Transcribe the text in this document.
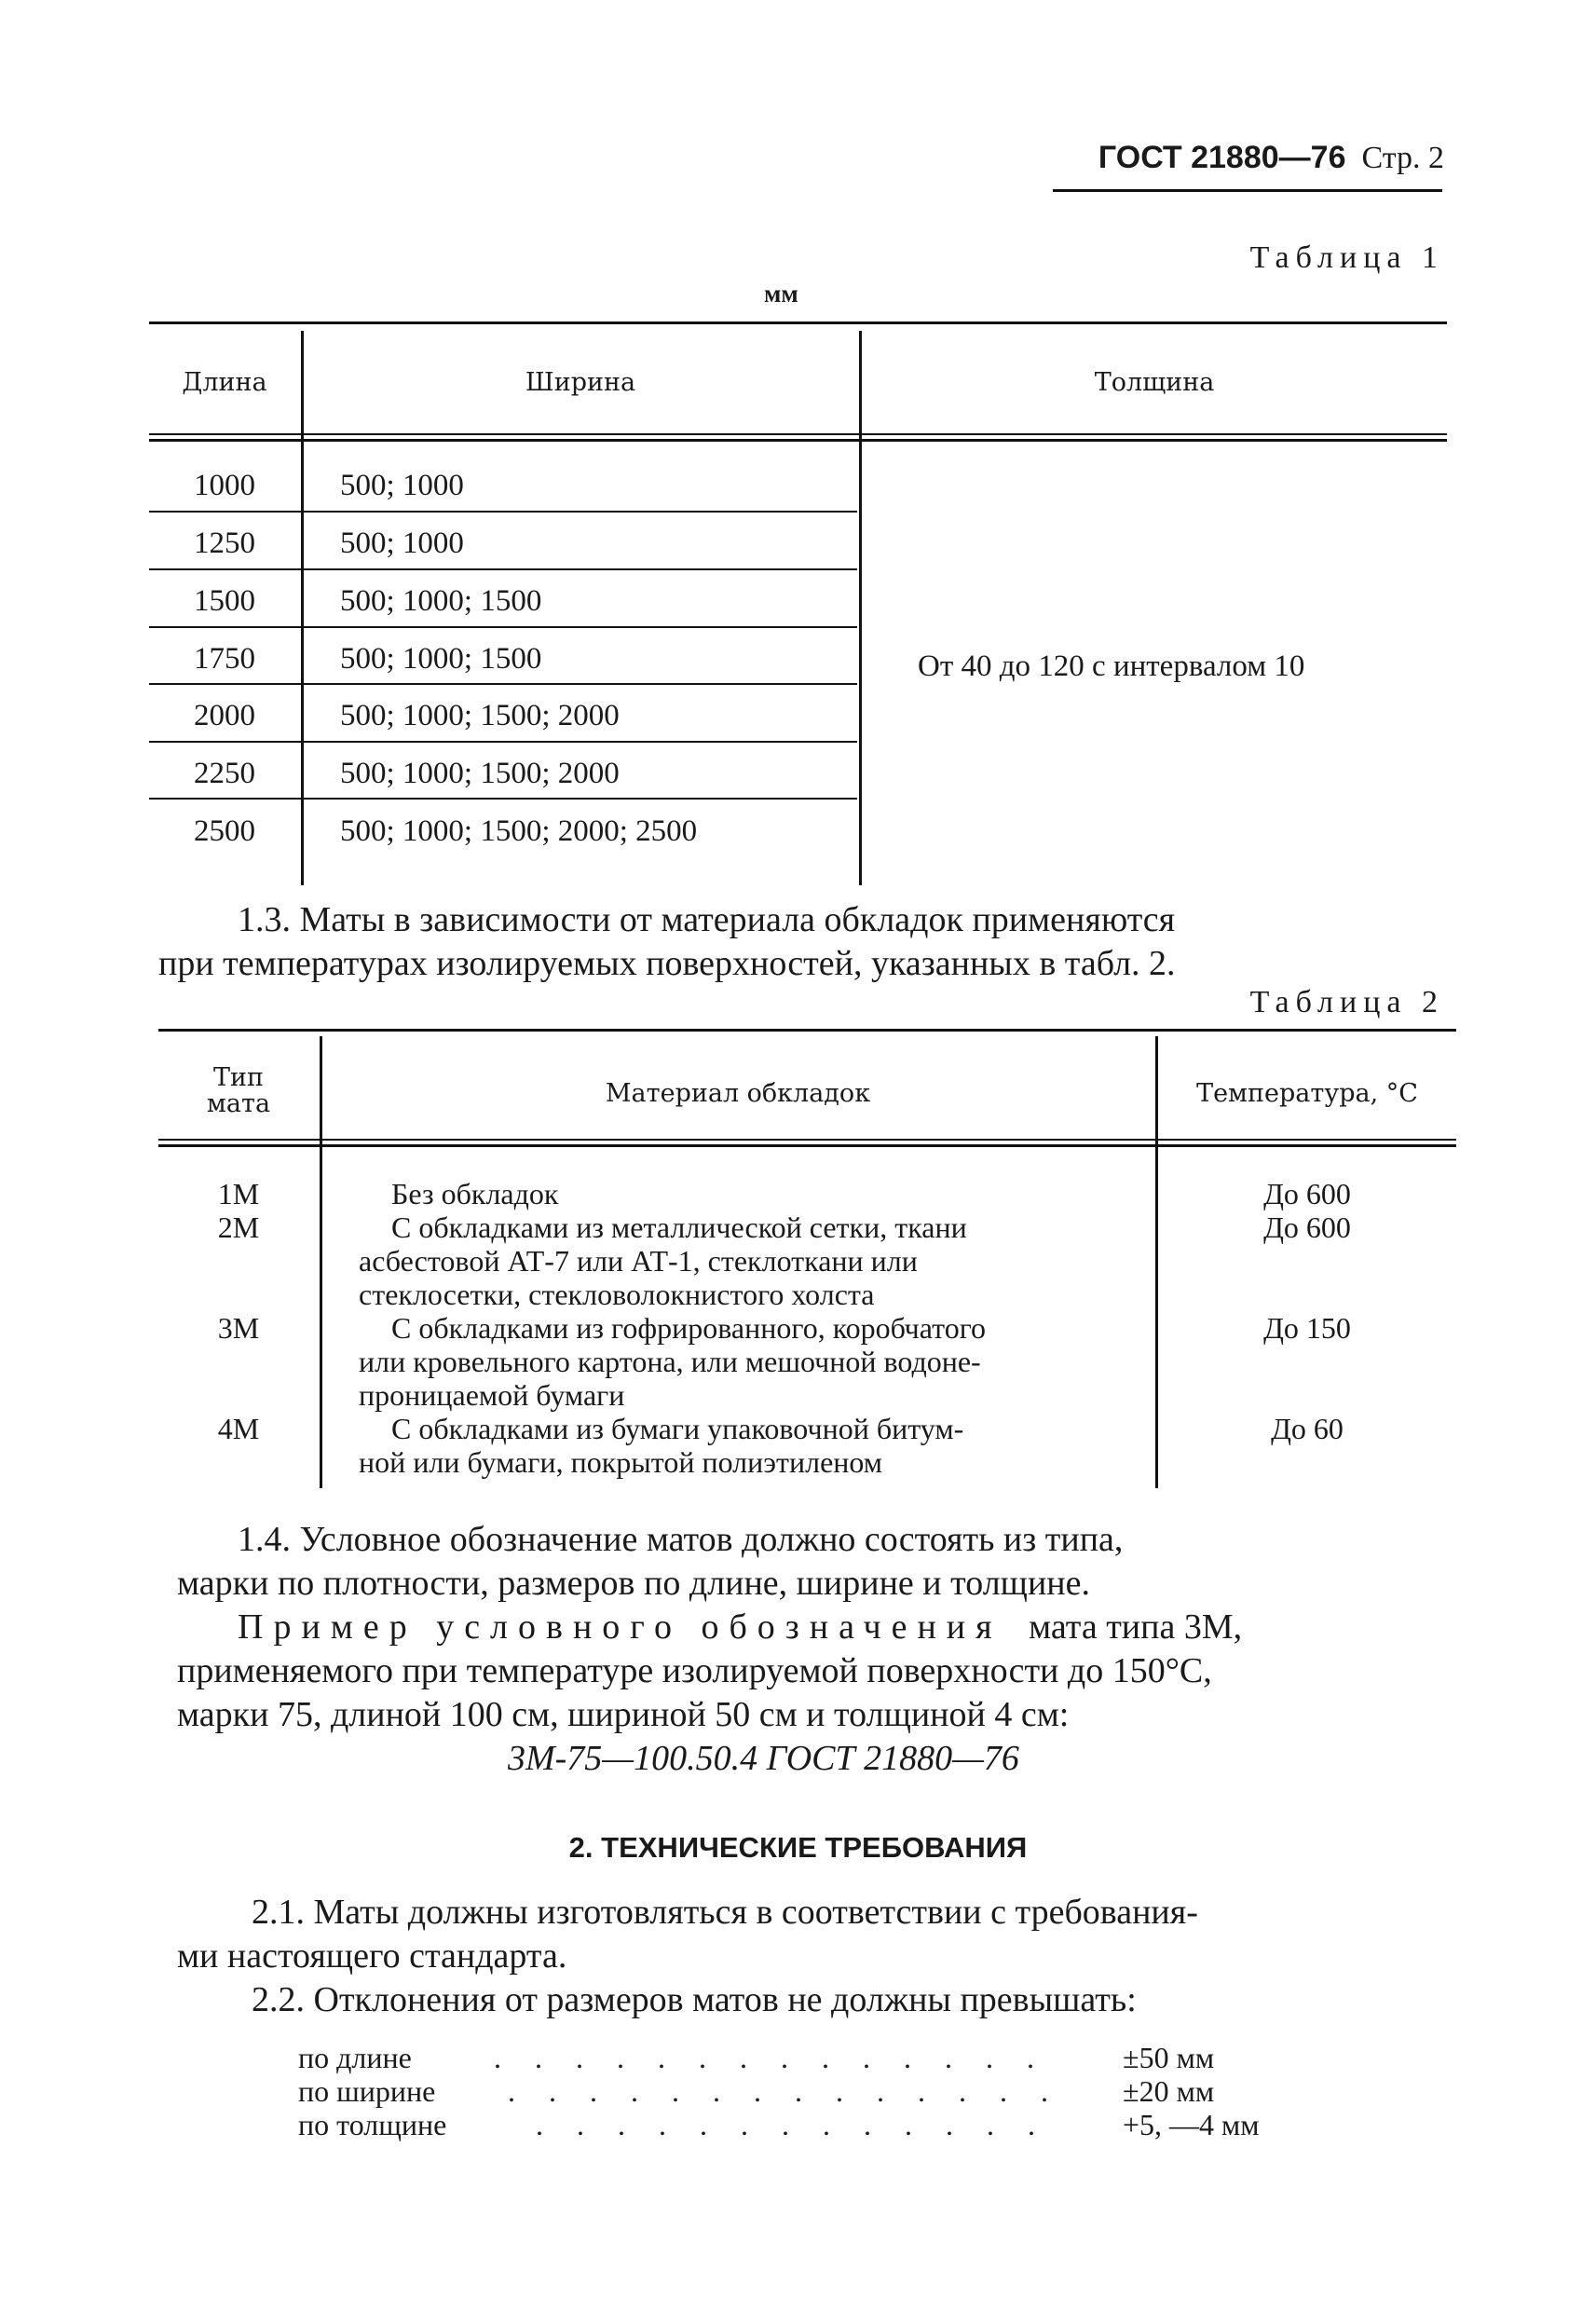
ГОСТ 21880—76 Стр. 2
Таблица 1
мм
Длина	Ширина	Толщина
1000	500; 1000
1250	500; 1000
1500	500; 1000; 1500
1750	500; 1000; 1500
2000	500; 1000; 1500; 2000
2250	500; 1000; 1500; 2000
2500	500; 1000; 1500; 2000; 2500
От 40 до 120 с интервалом 10
1.3. Маты в зависимости от материала обкладок применяются
при температурах изолируемых поверхностей, указанных в табл. 2.
Таблица 2
Тип
мата	Материал обкладок	Температура, °С
1М	Без обкладок	До 600
2М	С обкладками из металлической сетки, ткани
асбестовой АТ-7 или АТ-1, стеклоткани или
стеклосетки, стекловолокнистого холста
До 600
3М	С обкладками из гофрированного, коробчатого
или кровельного картона, или мешочной водоне-
проницаемой бумаги
До 150
4М	С обкладками из бумаги упаковочной битум-
ной или бумаги, покрытой полиэтиленом
До 60
1.4. Условное обозначение матов должно состоять из типа,
марки по плотности, размеров по длине, ширине и толщине.
Пример условного обозначения мата типа 3М,
применяемого при температуре изолируемой поверхности до 150°С,
марки 75, длиной 100 см, шириной 50 см и толщиной 4 см:
3М-75—100.50.4 ГОСТ 21880—76
2. ТЕХНИЧЕСКИЕ ТРЕБОВАНИЯ
2.1. Маты должны изготовляться в соответствии с требования-
ми настоящего стандарта.
2.2. Отклонения от размеров матов не должны превышать:
по длине	. . . . . . . . . . . . . .	±50 мм
по ширине . . . . . . . . . . . . . . ±20 мм
по толщине	. . . . . . . . . . . . .	+5, —4 мм
